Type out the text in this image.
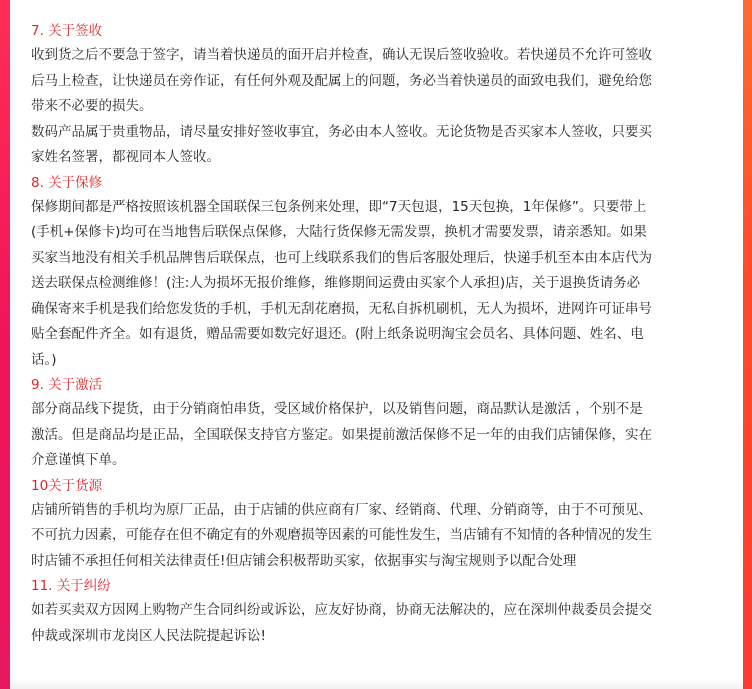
7. 关于签收

收到货之后不要急于签字，请当着快递员的面开启并检查，确认无误后签收验收。若快递员不允许可签收
后马上检查，让快递员在旁作证，有任何外观及配属上的问题，务必当着快递员的面致电我们，避免给您
带来不必要的损失。

数码产品属于贵重物品，请尽量安排好签收事宜，务必由本人签收。无论货物是否买家本人签收，只要买
家姓名签署，都视同本人签收。

8. 关于保修

保修期间都是严格按照该机器全国联保三包条例来处理，即“7天包退，15天包换，1年保修”。只要带上
(手机+保修卡)均可在当地售后联保点保修，大陆行货保修无需发票，换机才需要发票，请亲悉知。如果
买家当地没有相关手机品牌售后联保点，也可上线联系我们的售后客服处理后，快递手机至本由本店代为
送去联保点检测维修！(注:人为损坏无报价维修，维修期间运费由买家个人承担)店，关于退换货请务必
确保寄来手机是我们给您发货的手机，手机无刮花磨损，无私自拆机刷机，无人为损坏，进网许可证串号
贴全套配件齐全。如有退货，赠品需要如数完好退还。(附上纸条说明淘宝会员名、具体问题、姓名、电
话。)

9. 关于激活

部分商品线下提货，由于分销商怕串货，受区域价格保护，以及销售问题，商品默认是激活 ，个别不是
激活。但是商品均是正品，全国联保支持官方鉴定。如果提前激活保修不足一年的由我们店铺保修，实在
介意谨慎下单。

10关于货源

店铺所销售的手机均为原厂正品，由于店铺的供应商有厂家、经销商、代理、分销商等，由于不可预见、
不可抗力因素，可能存在但不确定有的外观磨损等因素的可能性发生，当店铺有不知情的各种情况的发生
时店铺不承担任何相关法律责任!但店铺会积极帮助买家，依据事实与淘宝规则予以配合处理

11. 关于纠纷

如若买卖双方因网上购物产生合同纠纷或诉讼，应友好协商，协商无法解决的，应在深圳仲裁委员会提交
仲裁或深圳市龙岗区人民法院提起诉讼!
